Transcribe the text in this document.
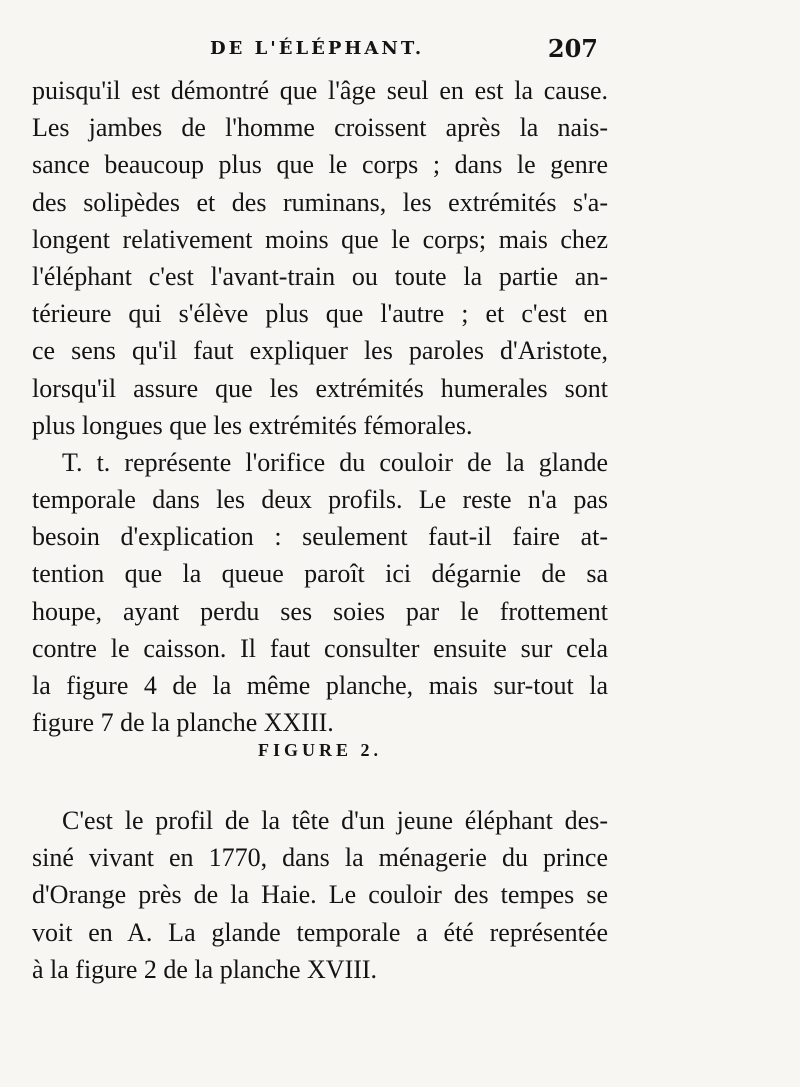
DE L'ÉLÉPHANT.	207
puisqu'il est démontré que l'âge seul en est la cause.
Les jambes de l'homme croissent après la nais-
sance beaucoup plus que le corps ; dans le genre
des solipèdes et des ruminans, les extrémités s'a-
longent relativement moins que le corps; mais chez
l'éléphant c'est l'avant-train ou toute la partie an-
térieure qui s'élève plus que l'autre ; et c'est en
ce sens qu'il faut expliquer les paroles d'Aristote,
lorsqu'il assure que les extrémités humerales sont
plus longues que les extrémités fémorales.
T. t. représente l'orifice du couloir de la glande
temporale dans les deux profils. Le reste n'a pas
besoin d'explication : seulement faut-il faire at-
tention que la queue paroît ici dégarnie de sa
houpe, ayant perdu ses soies par le frottement
contre le caisson. Il faut consulter ensuite sur cela
la figure 4 de la même planche, mais sur-tout la
figure 7 de la planche XXIII.
FIGURE 2.
C'est le profil de la tête d'un jeune éléphant des-
siné vivant en 1770, dans la ménagerie du prince
d'Orange près de la Haie. Le couloir des tempes se
voit en A. La glande temporale a été représentée
à la figure 2 de la planche XVIII.
